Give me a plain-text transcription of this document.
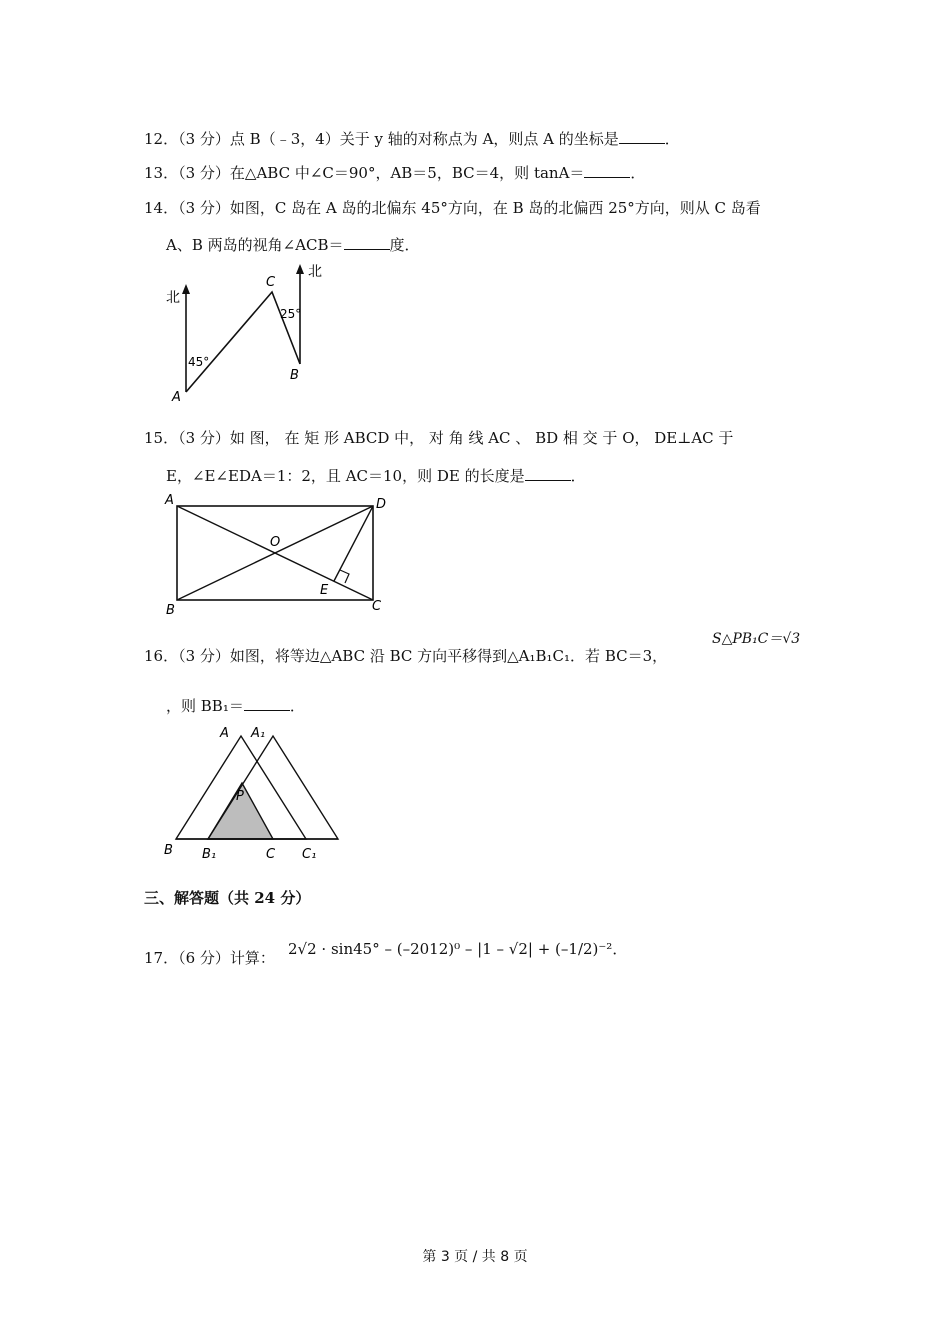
12．（3 分）点 B（﹣3，4）关于 y 轴的对称点为 A，则点 A 的坐标是	．
13．（3 分）在△ABC 中∠C＝90°，AB＝5，BC＝4，则 tanA＝	．
14．（3 分）如图，C 岛在 A 岛的北偏东 45°方向，在 B 岛的北偏西 25°方向，则从 C 岛看
A、B 两岛的视角∠ACB＝	度．
北
北
C
A
B
45°
25°
15．（3 分）如 图， 在 矩 形 ABCD 中， 对 角 线 AC 、 BD 相 交 于 O， DE⊥AC 于
E，∠E∠EDA＝1：2，且 AC＝10，则 DE 的长度是	．
A
B	C
D
O
E
16．（3 分）如图，将等边△ABC 沿 BC 方向平移得到△A₁B₁C₁．若 BC＝3，
S△PB₁C＝√3
，则 BB₁＝	．
A A₁
P
B B₁	C C₁
三、解答题（共 24 分）
17．（6 分）计算： 2√2 · sin45° – (–2012)⁰ – |1 – √2| + (–1/2)⁻²．
第 3 页 / 共 8 页
